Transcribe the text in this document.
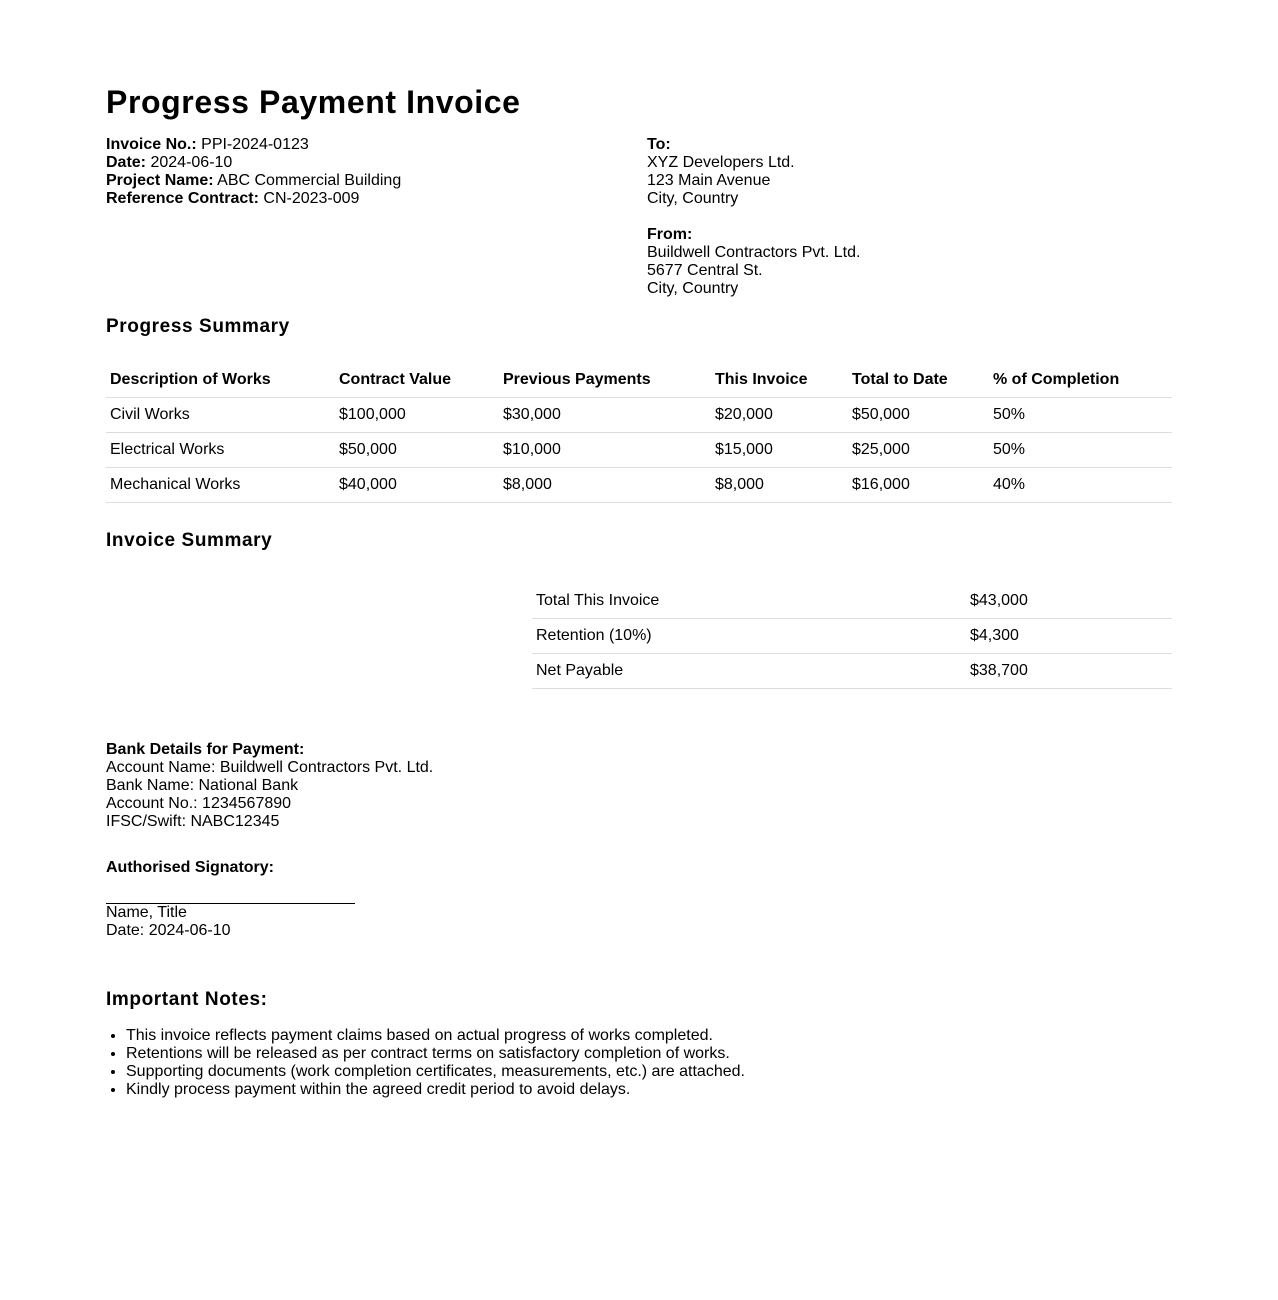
Progress Payment Invoice
Invoice No.: PPI-2024-0123
Date: 2024-06-10
Project Name: ABC Commercial Building
Reference Contract: CN-2023-009
To:
XYZ Developers Ltd.
123 Main Avenue
City, Country
From:
Buildwell Contractors Pvt. Ltd.
5677 Central St.
City, Country
Progress Summary
Description of Works	Contract Value	Previous Payments	This Invoice	Total to Date	% of Completion
Civil Works	$100,000	$30,000	$20,000	$50,000	50%
Electrical Works	$50,000	$10,000	$15,000	$25,000	50%
Mechanical Works	$40,000	$8,000	$8,000	$16,000	40%
Invoice Summary
Total This Invoice	$43,000
Retention (10%)	$4,300
Net Payable	$38,700
Bank Details for Payment:
Account Name: Buildwell Contractors Pvt. Ltd.
Bank Name: National Bank
Account No.: 1234567890
IFSC/Swift: NABC12345
Authorised Signatory:
Name, Title
Date: 2024-06-10
Important Notes:
• This invoice reflects payment claims based on actual progress of works completed.
• Retentions will be released as per contract terms on satisfactory completion of works.
• Supporting documents (work completion certificates, measurements, etc.) are attached.
• Kindly process payment within the agreed credit period to avoid delays.
